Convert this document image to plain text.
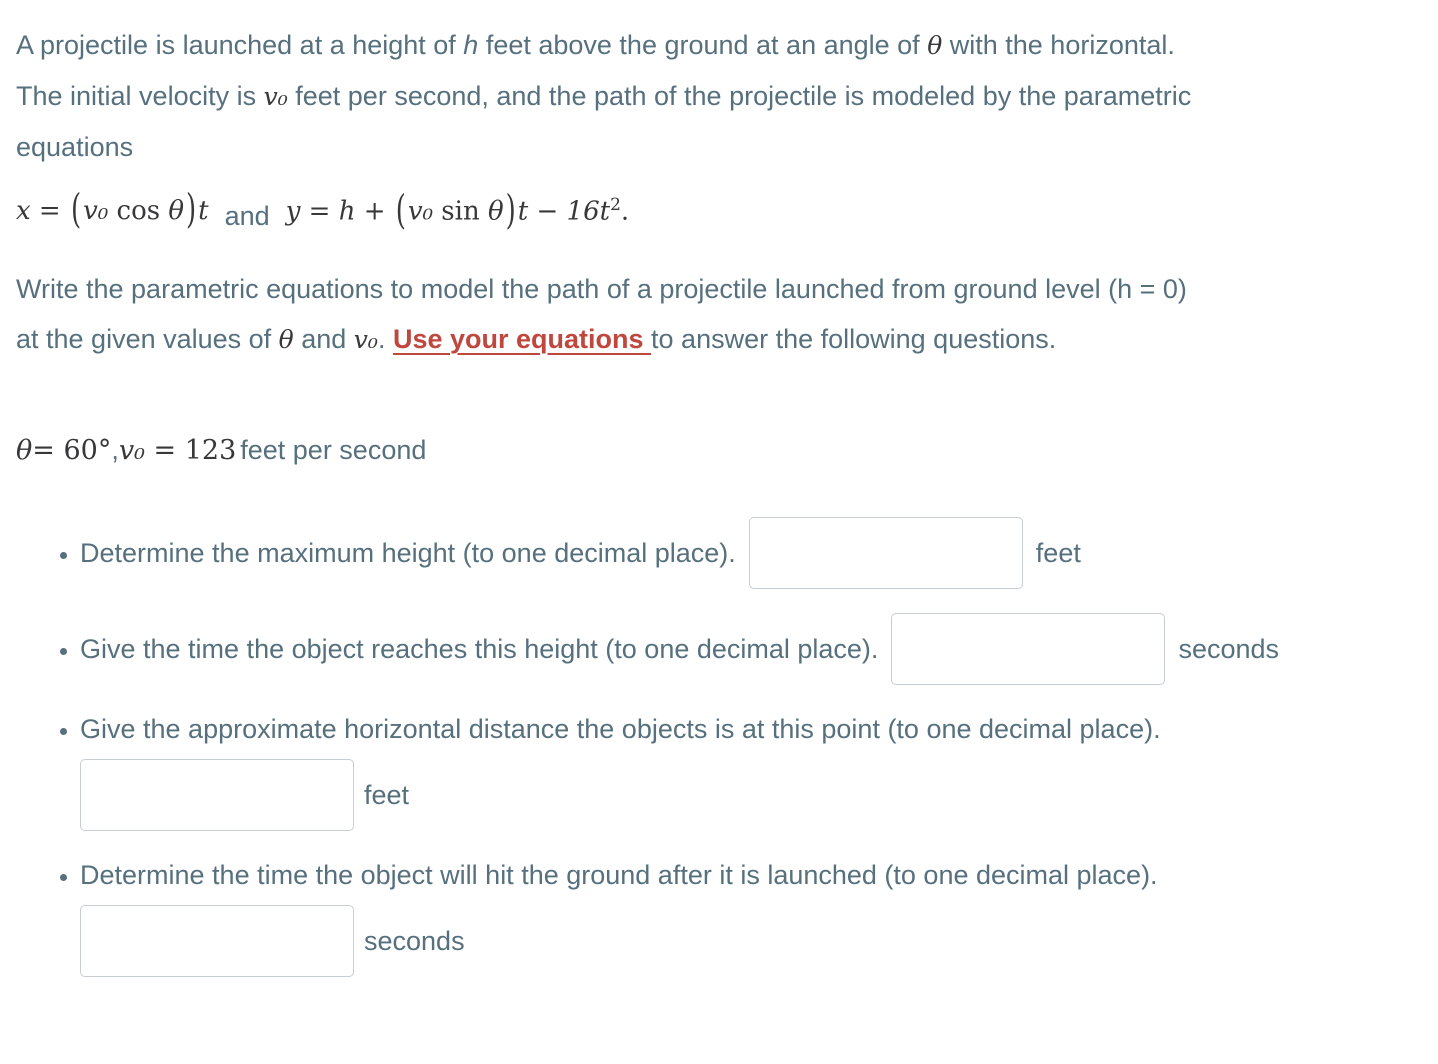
A projectile is launched at a height of h feet above the ground at an angle of θ with the horizontal.
The initial velocity is v₀ feet per second, and the path of the projectile is modeled by the parametric
equations
x = (v₀ cos θ)t and y = h + (v₀ $\sin \theta)t - 16t^2$.
Write the parametric equations to model the path of a projectile launched from ground level (h = 0)
at the given values of θ and v₀. Use your equations to answer the following questions.
θ= 60° , v₀ = 123 feet per second
• Determine the maximum height (to one decimal place).	feet
• Give the time the object reaches this height (to one decimal place).	seconds
• Give the approximate horizontal distance the objects is at this point (to one decimal place).
feet
• Determine the time the object will hit the ground after it is launched (to one decimal place).
seconds
